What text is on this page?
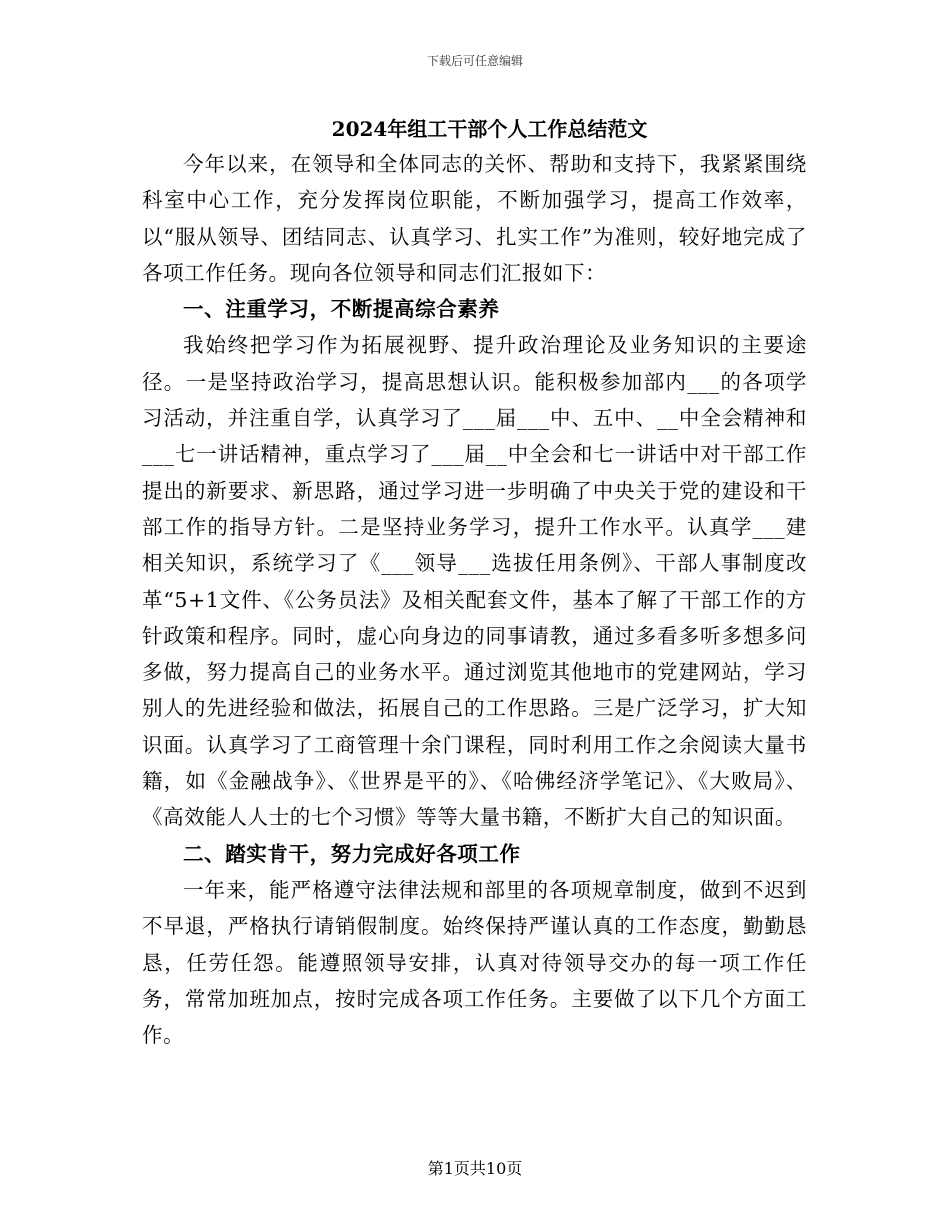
下载后可任意编辑
2024年组工干部个人工作总结范文

今年以来，在领导和全体同志的关怀、帮助和支持下，我紧紧围绕科室中心工作，充分发挥岗位职能，不断加强学习，提高工作效率，以“服从领导、团结同志、认真学习、扎实工作”为准则，较好地完成了各项工作任务。现向各位领导和同志们汇报如下：

一、注重学习，不断提高综合素养

我始终把学习作为拓展视野、提升政治理论及业务知识的主要途径。一是坚持政治学习，提高思想认识。能积极参加部内___的各项学习活动，并注重自学，认真学习了___届___中、五中、__中全会精神和___七一讲话精神，重点学习了___届__中全会和七一讲话中对干部工作提出的新要求、新思路，通过学习进一步明确了中央关于党的建设和干部工作的指导方针。二是坚持业务学习，提升工作水平。认真学___建相关知识，系统学习了《___领导___选拔任用条例》、干部人事制度改革“5+1文件、《公务员法》及相关配套文件，基本了解了干部工作的方针政策和程序。同时，虚心向身边的同事请教，通过多看多听多想多问多做，努力提高自己的业务水平。通过浏览其他地市的党建网站，学习别人的先进经验和做法，拓展自己的工作思路。三是广泛学习，扩大知识面。认真学习了工商管理十余门课程，同时利用工作之余阅读大量书籍，如《金融战争》、《世界是平的》、《哈佛经济学笔记》、《大败局》、《高效能人人士的七个习惯》等等大量书籍，不断扩大自己的知识面。

二、踏实肯干，努力完成好各项工作

一年来，能严格遵守法律法规和部里的各项规章制度，做到不迟到不早退，严格执行请销假制度。始终保持严谨认真的工作态度，勤勤恳恳，任劳任怨。能遵照领导安排，认真对待领导交办的每一项工作任务，常常加班加点，按时完成各项工作任务。主要做了以下几个方面工作。

第1页共10页
